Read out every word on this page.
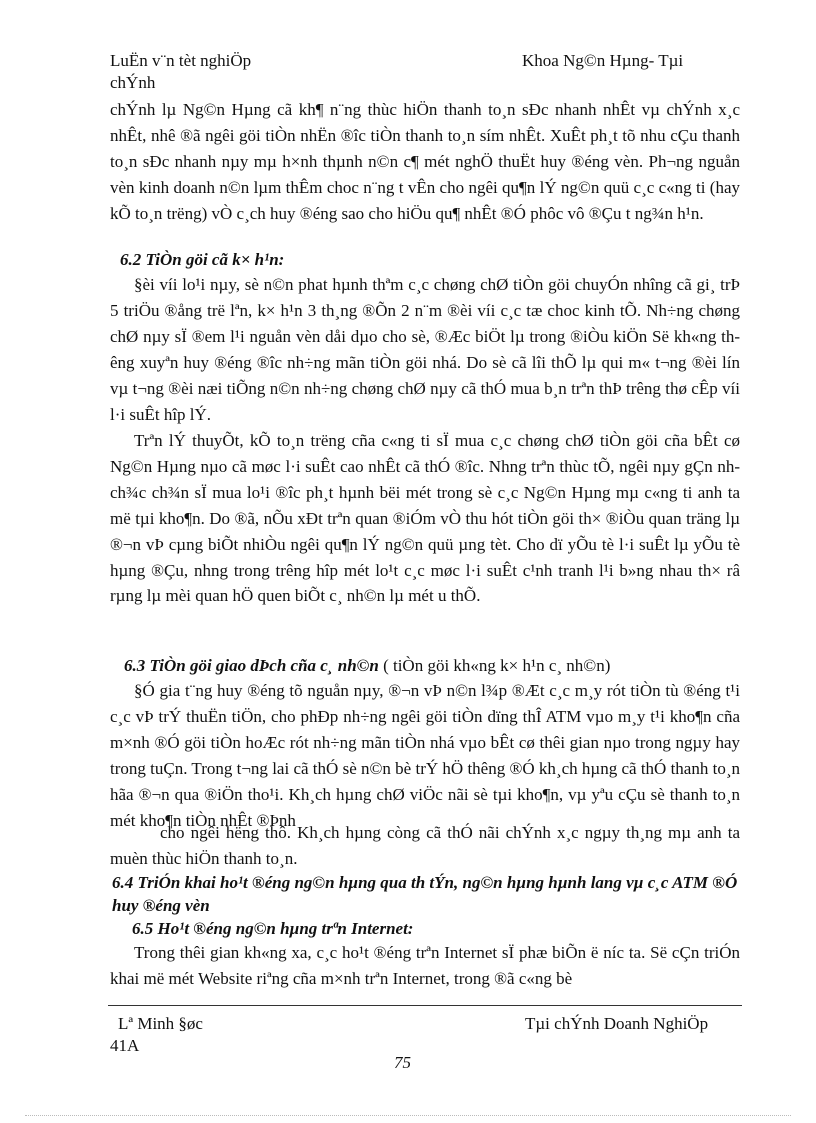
LuËn v¨n tèt nghiÖp
chÝnh
Khoa Ng©n Hµng- Tµi

chÝnh lµ Ng©n Hµng cã kh¶ n¨ng thùc hiÖn thanh to¸n sÐc nhanh nhÊt vµ chÝnh x¸c nhÊt, nhê ®ã ngêi göi tiÒn nhËn ®îc tiÒn thanh to¸n sím nhÊt. XuÊt ph¸t tõ nhu cÇu thanh to¸n sÐc nhanh nµy mµ h×nh thµnh n©n c¶ mét nghÖ thuËt huy ®éng vèn. Ph¬ng nguån vèn kinh doanh n©n lµm thÊm choc n¨ng t vÊn cho ngêi qu¶n lÝ ng©n quü c¸c c«ng ti (hay kÕ to¸n trëng) vÒ c¸ch huy ®éng sao cho hiÖu qu¶ nhÊt ®Ó phôc vô ®Çu t ng¾n h¹n.

6.2 TiÒn göi cã k× h¹n:

§èi víi lo¹i nµy, sè n©n phat hµnh thªm c¸c chøng chØ tiÒn göi chuyÓn nhîng cã gi¸ trÞ 5 triÖu ®ång trë lªn, k× h¹n 3 th¸ng ®Õn 2 n¨m ®èi víi c¸c tæ choc kinh tÕ. Nh÷ng chøng chØ nµy sÏ ®em l¹i nguån vèn dåi dµo cho sè, ®Æc biÖt lµ trong ®iÒu kiÖn Së kh«ng thêng xuyªn huy ®éng ®îc nh÷ng mãn tiÒn göi nhá. Do sè cã lîi thÕ lµ qui m« t¬ng ®èi lín vµ t¬ng ®èi næi tiÕng n©n nh÷ng chøng chØ nµy cã thÓ mua b¸n trªn thÞ trêng thø cÊp víi l·i suÊt hîp lÝ.

Trªn lÝ thuyÕt, kÕ to¸n trëng cña c«ng ti sÏ mua c¸c chøng chØ tiÒn göi cña bÊt cø Ng©n Hµng nµo cã møc l·i suÊt cao nhÊt cã thÓ ®îc. Nhng trªn thùc tÕ, ngêi nµy gÇn nh ch¾c ch¾n sÏ mua lo¹i ®îc ph¸t hµnh bëi mét trong sè c¸c Ng©n Hµng mµ c«ng ti anh ta më tµi kho¶n. Do ®ã, nÕu xÐt trªn quan ®iÓm vÒ thu hót tiÒn göi th× ®iÒu quan träng lµ ®¬n vÞ cµng biÕt nhiÒu ngêi qu¶n lÝ ng©n quü µng tèt. Cho dï yÕu tè l·i suÊt lµ yÕu tè hµng ®Çu, nhng trong trêng hîp mét lo¹t c¸c møc l·i suÊt c¹nh tranh l¹i b»ng nhau th× râ rµng lµ mèi quan hÖ quen biÕt c¸ nh©n lµ mét u thÕ.

6.3 TiÒn göi giao dÞch cña c¸ nh©n ( tiÒn göi kh«ng k× h¹n c¸ nh©n)

§Ó gia t¨ng huy ®éng tõ nguån nµy, ®¬n vÞ n©n l¾p ®Æt c¸c m¸y rót tiÒn tù ®éng t¹i c¸c vÞ trÝ thuËn tiÖn, cho phÐp nh÷ng ngêi göi tiÒn dïng thÎ ATM vµo m¸y t¹i kho¶n cña m×nh ®Ó göi tiÒn hoÆc rót nh÷ng mãn tiÒn nhá vµo bÊt cø thêi gian nµo trong ngµy hay trong tuÇn. Trong t¬ng lai cã thÓ sè n©n bè trÝ hÖ thêng ®Ó kh¸ch hµng cã thÓ thanh to¸n hãa ®¬n qua ®iÖn tho¹i. Kh¸ch hµng chØ viÖc nãi sè tµi kho¶n, vµ yªu cÇu sè thanh to¸n mét kho¶n tiÒn nhÊt ®Þnh

cho ngêi hëng thô. Kh¸ch hµng còng cã thÓ nãi chÝnh x¸c ngµy th¸ng mµ anh ta muèn thùc hiÖn thanh to¸n.

6.4 TriÓn khai ho¹t ®éng ng©n hµng qua th tÝn, ng©n hµng hµnh lang vµ c¸c ATM ®Ó huy ®éng vèn
6.5 Ho¹t ®éng ng©n hµng trªn Internet:

Trong thêi gian kh«ng xa, c¸c ho¹t ®éng trªn Internet sÏ phæ biÕn ë níc ta. Së cÇn triÓn khai më mét Website riªng cña m×nh trªn Internet, trong ®ã c«ng bè

Lª Minh §øc
41A
Tµi chÝnh Doanh NghiÖp
75
